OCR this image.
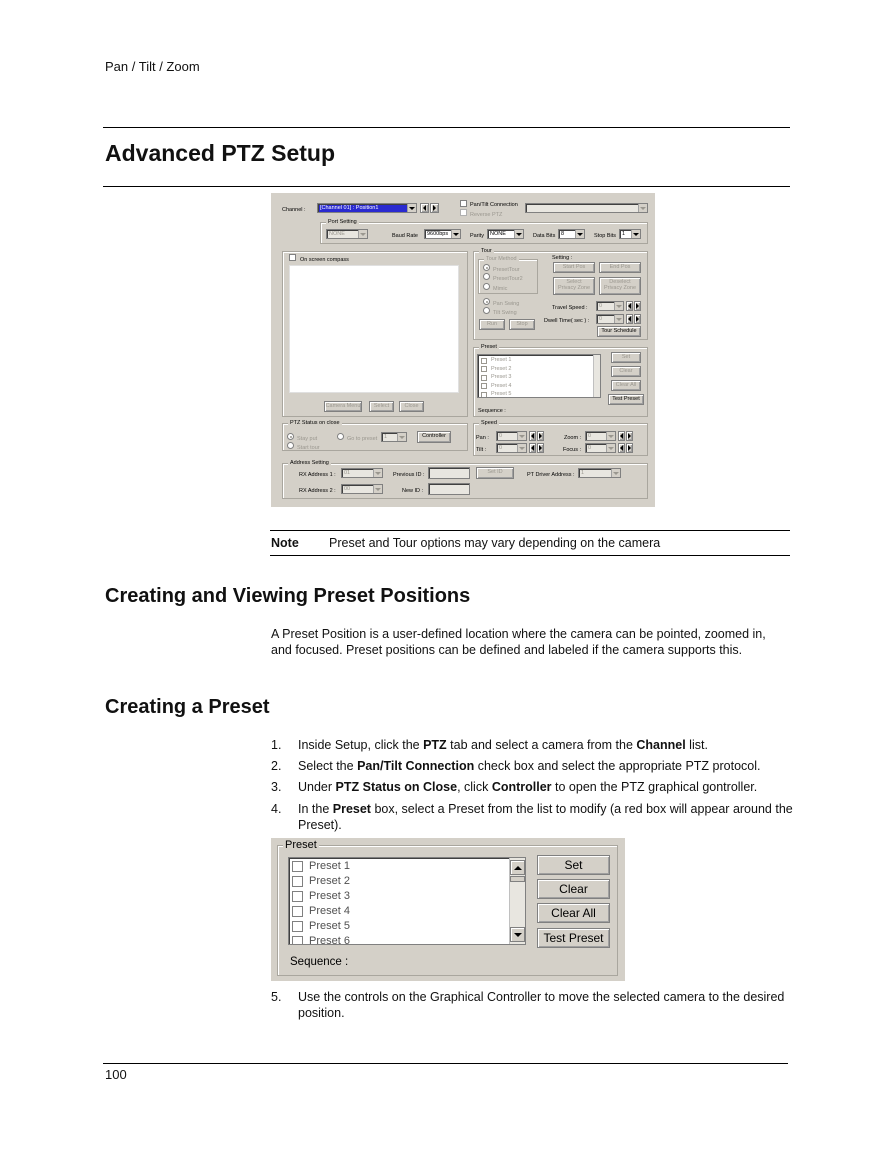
Pan / Tilt / Zoom
Advanced PTZ Setup
Channel :	[Channel 01] : Position1	Pan/Tilt Connection
Reverse PTZ
Port Setting
NONE	Baud Rate	9600bps	Parity	NONE	Data Bits	8	Stop Bits	1
On screen compass
Camera Menu	Select	Close
Tour
Tour Method
PresetTour
PresetTour2
Mimic
Pan Swing
Tilt Swing
Run	Stop
Setting :
Start Pos	End Pos
Select
Privacy Zone
Deselect
Privacy Zone
Travel Speed :	0
Dwell Time( sec ) :	0
Tour Schedule
Preset
Preset 1
Preset 2
Preset 3
Preset 4
Preset 5
Set
Clear
Clear All
Test Preset
Sequence :
PTZ Status on close
Stay put
Start tour
Go to preset	1	Controller
Speed
Pan :	0
Tilt :	0
Zoom :	0
Focus :	0
Address Setting
RX Address 1 :	01
RX Address 2 :	00
Previous ID :
New ID :
Set ID	PT Driver Address :	1
Note Preset and Tour options may vary depending on the camera
Creating and Viewing Preset Positions
A Preset Position is a user-defined location where the camera can be pointed, zoomed in, and focused. Preset positions can be defined and labeled if the camera supports this.
Creating a Preset
1. Inside Setup, click the PTZ tab and select a camera from the Channel list.
2. Select the Pan/Tilt Connection check box and select the appropriate PTZ protocol.
3. Under PTZ Status on Close, click Controller to open the PTZ graphical gontroller.
4. In the Preset box, select a Preset from the list to modify (a red box will appear around the Preset).
Preset
Preset 1
Preset 2
Preset 3
Preset 4
Preset 5
Preset 6
Set
Clear
Clear All
Test Preset
Sequence :
5. Use the controls on the Graphical Controller to move the selected camera to the desired position.
100
